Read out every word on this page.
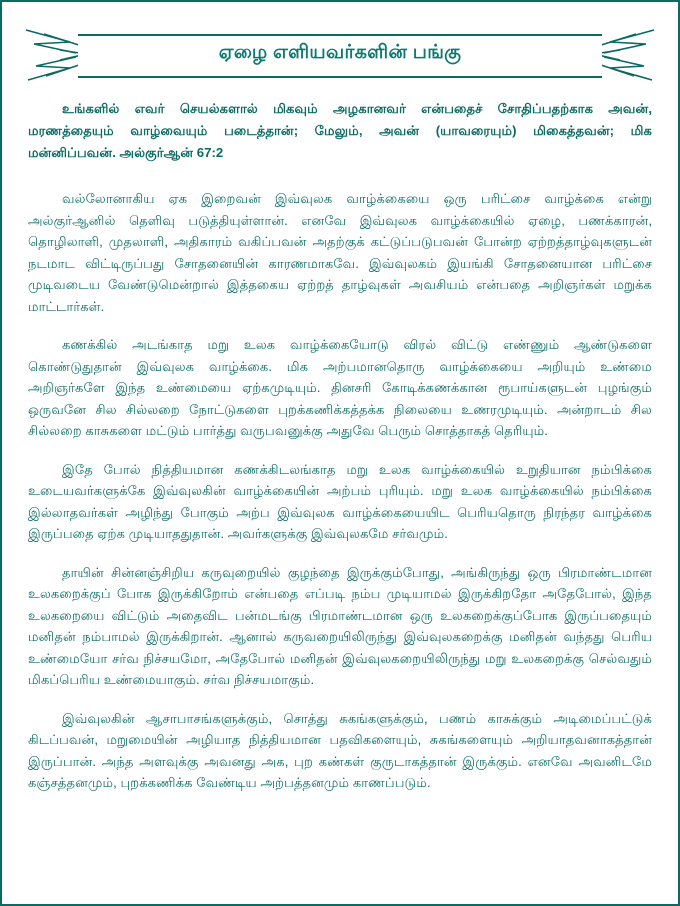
ஏழை எளியவர்களின் பங்கு

உங்களில் எவர் செயல்களால் மிகவும் அழகானவர் என்பதைச் சோதிப்பதற்காக அவன், மரணத்தையும் வாழ்வையும் படைத்தான்; மேலும், அவன் (யாவரையும்) மிகைத்தவன்; மிக மன்னிப்பவன். அல்குர்ஆன் 67:2

வல்லோனாகிய ஏக இறைவன் இவ்வுலக வாழ்க்கையை ஒரு பரிட்சை வாழ்க்கை என்று அல்குர்ஆனில் தெளிவு படுத்தியுள்ளான். எனவே இவ்வுலக வாழ்க்கையில் ஏழை, பணக்காரன், தொழிலாளி, முதலாளி, அதிகாரம் வகிப்பவன் அதற்குக் கட்டுப்படுபவன் போன்ற ஏற்றத்தாழ்வுகளுடன் நடமாட விட்டிருப்பது சோதனையின் காரணமாகவே. இவ்வுலகம் இயங்கி சோதனையான பரிட்சை முடிவடைய வேண்டுமென்றால் இத்தகைய ஏற்றத் தாழ்வுகள் அவசியம் என்பதை அறிஞர்கள் மறுக்க மாட்டார்கள்.

கணக்கில் அடங்காத மறு உலக வாழ்க்கையோடு விரல் விட்டு எண்ணும் ஆண்டுகளை கொண்டுதுதான் இவ்வுலக வாழ்க்கை. மிக அற்பமானதொரு வாழ்க்கையை அறியும் உண்மை அறிஞர்களே இந்த உண்மையை ஏற்கமுடியும். தினசரி கோடிக்கணக்கான ரூபாய்களுடன் புழங்கும் ஒருவனே சில சில்லறை நோட்டுகளை புறக்கணிக்கத்தக்க நிலையை உணரமுடியும். அன்றாடம் சில சில்லறை காசுகளை மட்டும் பார்த்து வருபவனுக்கு அதுவே பெரும் சொத்தாகத் தெரியும்.

இதே போல் நித்தியமான கணக்கிடலங்காத மறு உலக வாழ்க்கையில் உறுதியான நம்பிக்கை உடையவர்களுக்கே இவ்வுலகின் வாழ்க்கையின் அற்பம் புரியும். மறு உலக வாழ்க்கையில் நம்பிக்கை இல்லாதவர்கள் அழிந்து போகும் அற்ப இவ்வுலக வாழ்க்கையையிட பெரியதொரு நிரந்தர வாழ்க்கை இருப்பதை ஏற்க முடியாததுதான். அவர்களுக்கு இவ்வுலகமே சர்வமும்.

தாயின் சின்னஞ்சிறிய கருவுறையில் குழந்தை இருக்கும்போது, அங்கிருந்து ஒரு பிரமாண்டமான உலகறைக்குப் போக இருக்கிறோம் என்பதை எப்படி நம்ப முடியாமல் இருக்கிறதோ அதேபோல், இந்த உலகறையை விட்டும் அதைவிட பன்மடங்கு பிரமாண்டமான ஒரு உலகறைக்குப்போக இருப்பதையும் மனிதன் நம்பாமல் இருக்கிறான். ஆனால் கருவறையிலிருந்து இவ்வுலகறைக்கு மனிதன் வந்தது பெரிய உண்மையோ சர்வ நிச்சயமோ, அதேபோல் மனிதன் இவ்வுலகறையிலிருந்து மறு உலகறைக்கு செல்வதும் மிகப்பெரிய உண்மையாகும். சர்வ நிச்சயமாகும்.

இவ்வுலகின் ஆசாபாசங்களுக்கும், சொத்து சுகங்களுக்கும், பணம் காசுக்கும் அடிமைப்பட்டுக் கிடப்பவன், மறுமையின் அழியாத நித்தியமான பதவிகளையும், சுகங்களையும் அறியாதவனாகத்தான் இருப்பான். அந்த அளவுக்கு அவனது அக, புற கண்கள் குருடாகத்தான் இருக்கும். எனவே அவனிடமே கஞ்சத்தனமும், புறக்கணிக்க வேண்டிய அற்பத்தனமும் காணப்படும்.
